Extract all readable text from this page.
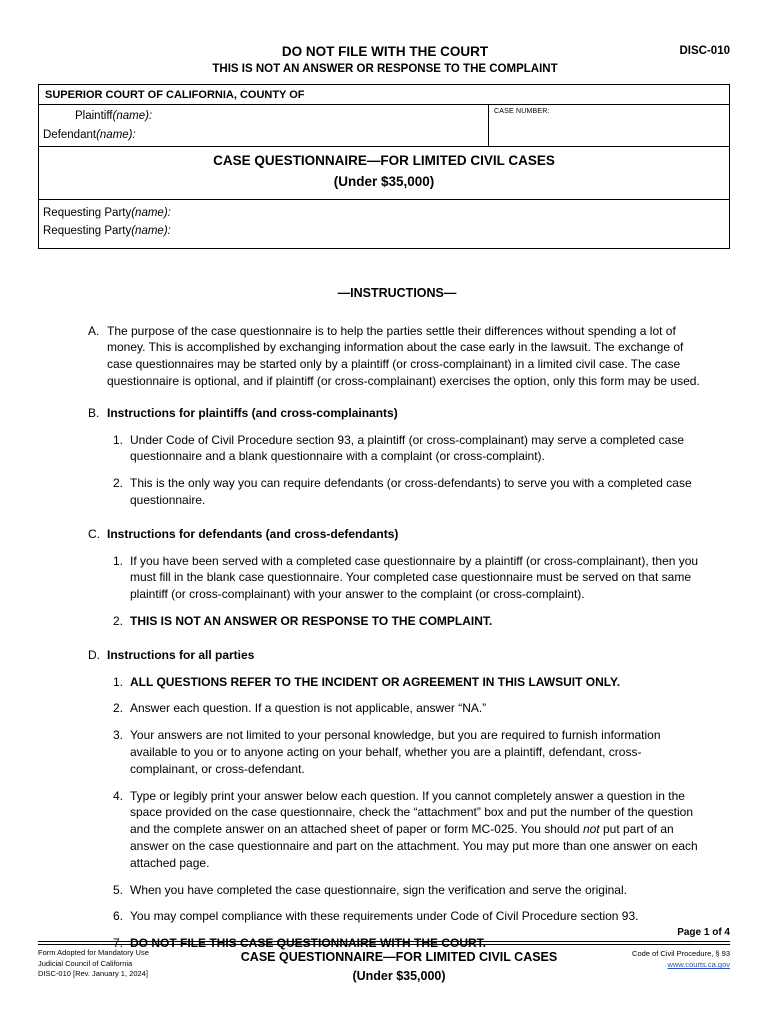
DISC-010
DO NOT FILE WITH THE COURT
THIS IS NOT AN ANSWER OR RESPONSE TO THE COMPLAINT
SUPERIOR COURT OF CALIFORNIA, COUNTY OF
Plaintiff (name):
Defendant (name):
CASE NUMBER:
CASE QUESTIONNAIRE—FOR LIMITED CIVIL CASES
(Under $35,000)
Requesting Party (name):
Requesting Party (name):
—INSTRUCTIONS—
A. The purpose of the case questionnaire is to help the parties settle their differences without spending a lot of money. This is accomplished by exchanging information about the case early in the lawsuit. The exchange of case questionnaires may be started only by a plaintiff (or cross-complainant) in a limited civil case. The case questionnaire is optional, and if plaintiff (or cross-complainant) exercises the option, only this form may be used.
B. Instructions for plaintiffs (and cross-complainants)
1. Under Code of Civil Procedure section 93, a plaintiff (or cross-complainant) may serve a completed case questionnaire and a blank questionnaire with a complaint (or cross-complaint).
2. This is the only way you can require defendants (or cross-defendants) to serve you with a completed case questionnaire.
C. Instructions for defendants (and cross-defendants)
1. If you have been served with a completed case questionnaire by a plaintiff (or cross-complainant), then you must fill in the blank case questionnaire. Your completed case questionnaire must be served on that same plaintiff (or cross-complainant) with your answer to the complaint (or cross-complaint).
2. THIS IS NOT AN ANSWER OR RESPONSE TO THE COMPLAINT.
D. Instructions for all parties
1. ALL QUESTIONS REFER TO THE INCIDENT OR AGREEMENT IN THIS LAWSUIT ONLY.
2. Answer each question. If a question is not applicable, answer “NA.”
3. Your answers are not limited to your personal knowledge, but you are required to furnish information available to you or to anyone acting on your behalf, whether you are a plaintiff, defendant, cross-complainant, or cross-defendant.
4. Type or legibly print your answer below each question. If you cannot completely answer a question in the space provided on the case questionnaire, check the “attachment” box and put the number of the question and the complete answer on an attached sheet of paper or form MC-025. You should not put part of an answer on the case questionnaire and part on the attachment. You may put more than one answer on each attached page.
5. When you have completed the case questionnaire, sign the verification and serve the original.
6. You may compel compliance with these requirements under Code of Civil Procedure section 93.
7. DO NOT FILE THIS CASE QUESTIONNAIRE WITH THE COURT.
Page 1 of 4
Form Adopted for Mandatory Use
Judicial Council of California
DISC-010 [Rev. January 1, 2024]
CASE QUESTIONNAIRE—FOR LIMITED CIVIL CASES
(Under $35,000)
Code of Civil Procedure, § 93
www.courts.ca.gov
